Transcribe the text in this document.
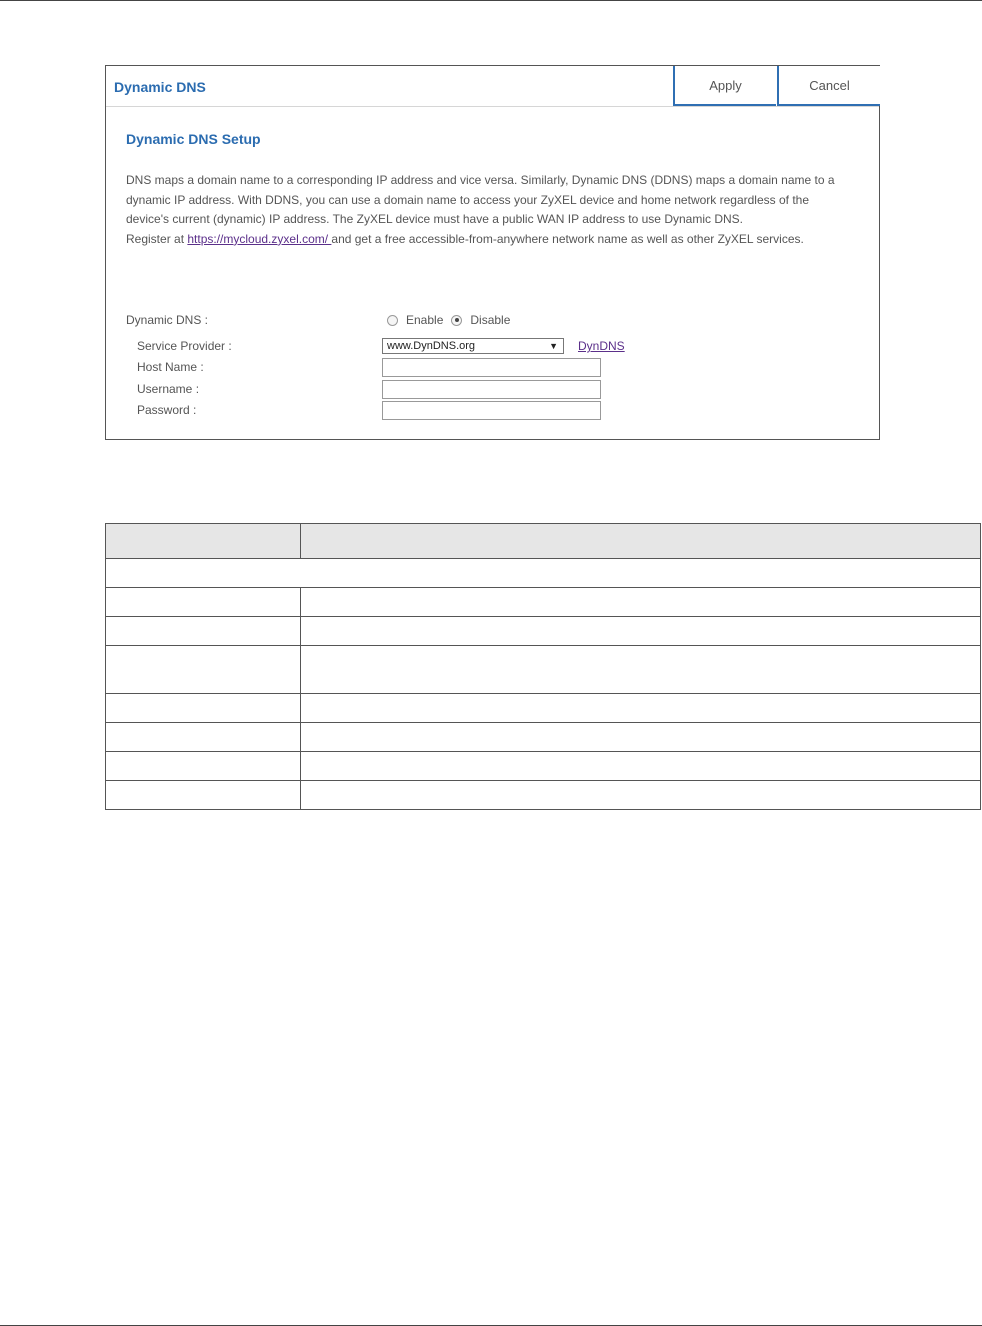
Dynamic DNS	Apply	Cancel
Dynamic DNS Setup
DNS maps a domain name to a corresponding IP address and vice versa. Similarly, Dynamic DNS (DDNS) maps a domain name to a dynamic IP address. With DDNS, you can use a domain name to access your ZyXEL device and home network regardless of the device's current (dynamic) IP address. The ZyXEL device must have a public WAN IP address to use Dynamic DNS.
Register at https://mycloud.zyxel.com/ and get a free accessible-from-anywhere network name as well as other ZyXEL services.
Dynamic DNS :	Enable Disable
Service Provider :	www.DynDNS.org	▼ DynDNS
Host Name :
Username :
Password :
